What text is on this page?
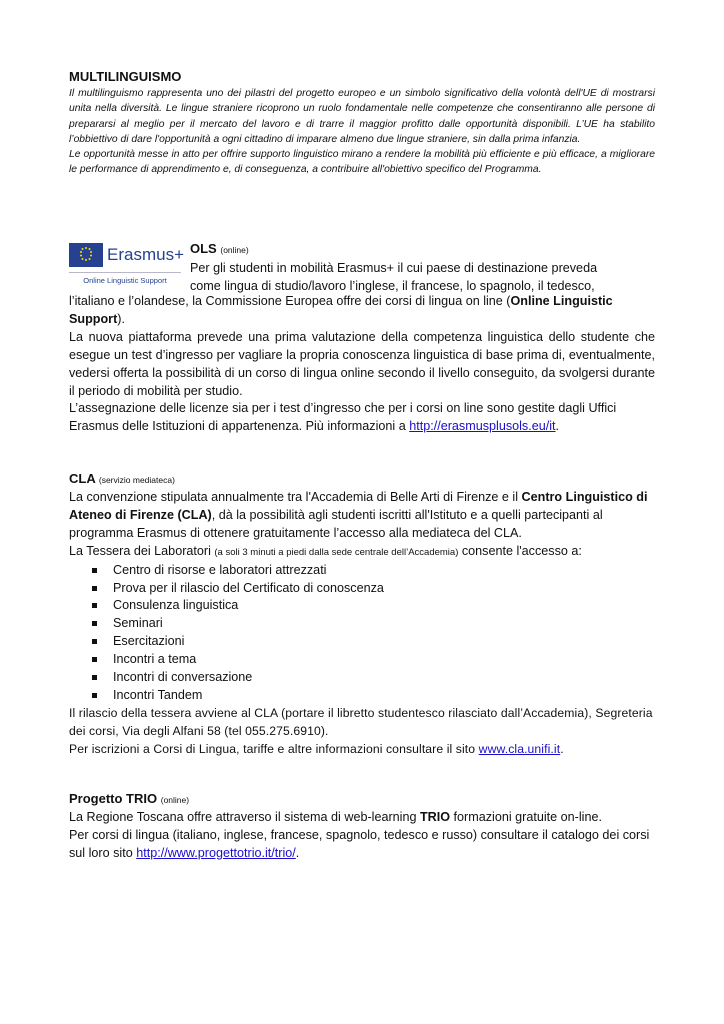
MULTILINGUISMO

Il multilinguismo rappresenta uno dei pilastri del progetto europeo e un simbolo significativo della volontà dell'UE di mostrarsi unita nella diversità. Le lingue straniere ricoprono un ruolo fondamentale nelle competenze che consentiranno alle persone di prepararsi al meglio per il mercato del lavoro e di trarre il maggior profitto dalle opportunità disponibili. L’UE ha stabilito l’obbiettivo di dare l'opportunità a ogni cittadino di imparare almeno due lingue straniere, sin dalla prima infanzia.

Le opportunità messe in atto per offrire supporto linguistico mirano a rendere la mobilità più efficiente e più efficace, a migliorare le performance di apprendimento e, di conseguenza, a contribuire all'obiettivo specifico del Programma.

Erasmus+
Online Linguistic Support
OLS (online)

Per gli studenti in mobilità Erasmus+ il cui paese di destinazione preveda come lingua di studio/lavoro l’inglese, il francese, lo spagnolo, il tedesco,

l’italiano e l’olandese, la Commissione Europea offre dei corsi di lingua on line (Online Linguistic Support).

La nuova piattaforma prevede una prima valutazione della competenza linguistica dello studente che esegue un test d’ingresso per vagliare la propria conoscenza linguistica di base prima di, eventualmente, vedersi offerta la possibilità di un corso di lingua online secondo il livello conseguito, da svolgersi durante il periodo di mobilità per studio.

L’assegnazione delle licenze sia per i test d’ingresso che per i corsi on line sono gestite dagli Uffici Erasmus delle Istituzioni di appartenenza. Più informazioni a http://erasmusplusols.eu/it.

CLA (servizio mediateca)

La convenzione stipulata annualmente tra l'Accademia di Belle Arti di Firenze e il Centro Linguistico di Ateneo di Firenze (CLA), dà la possibilità agli studenti iscritti all'Istituto e a quelli partecipanti al programma Erasmus di ottenere gratuitamente l’accesso alla mediateca del CLA.

La Tessera dei Laboratori (a soli 3 minuti a piedi dalla sede centrale dell’Accademia) consente l'accesso a:

Centro di risorse e laboratori attrezzati
Prova per il rilascio del Certificato di conoscenza
Consulenza linguistica
Seminari
Esercitazioni
Incontri a tema
Incontri di conversazione
Incontri Tandem

Il rilascio della tessera avviene al CLA (portare il libretto studentesco rilasciato dall’Accademia), Segreteria dei corsi, Via degli Alfani 58 (tel 055.275.6910).

Per iscrizioni a Corsi di Lingua, tariffe e altre informazioni consultare il sito www.cla.unifi.it.

Progetto TRIO (online)

La Regione Toscana offre attraverso il sistema di web-learning TRIO formazioni gratuite on-line.

Per corsi di lingua (italiano, inglese, francese, spagnolo, tedesco e russo) consultare il catalogo dei corsi sul loro sito http://www.progettotrio.it/trio/.
